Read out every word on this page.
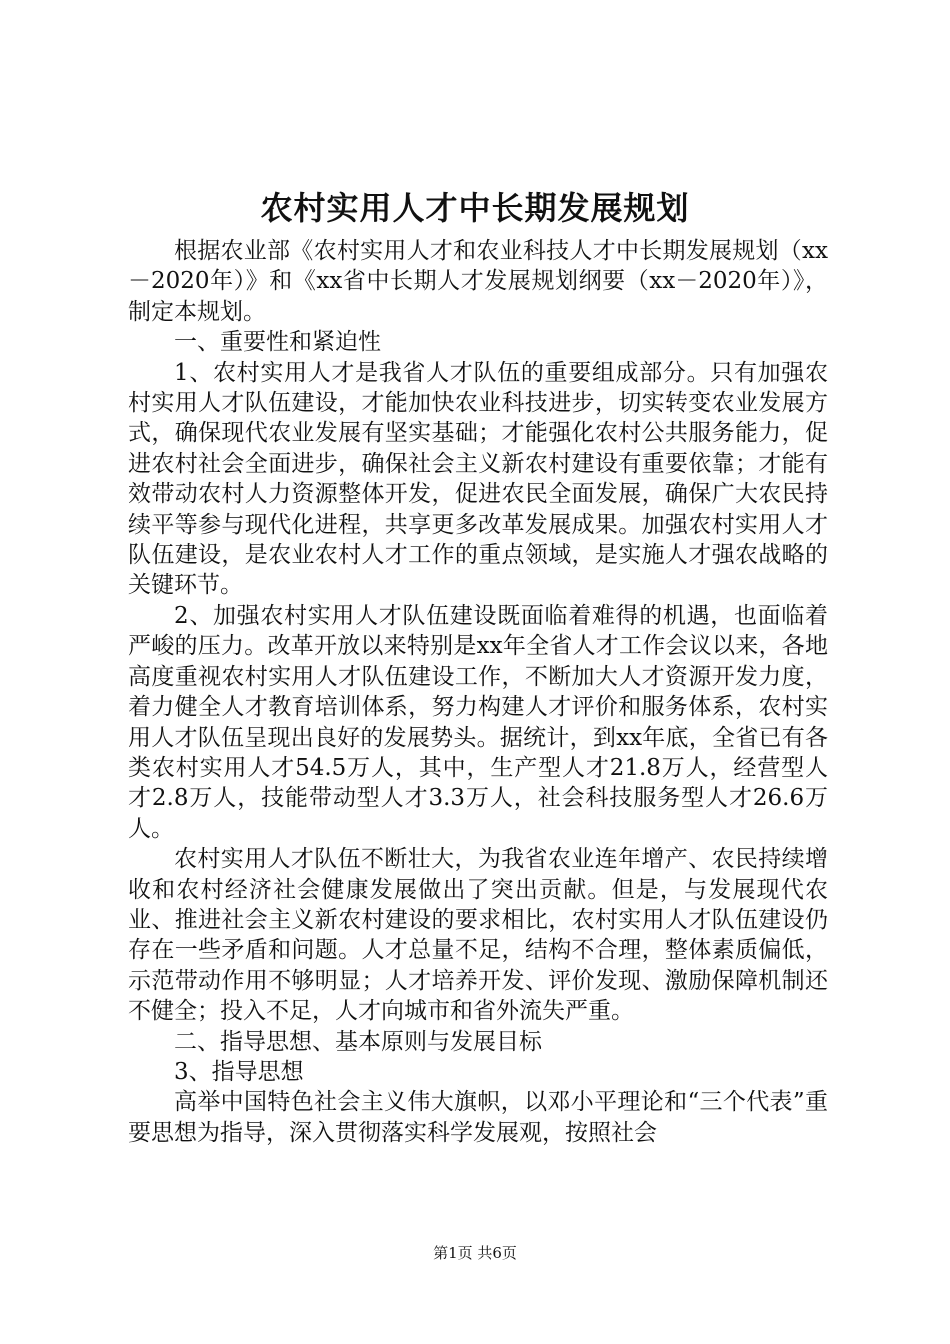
农村实用人才中长期发展规划

根据农业部《农村实用人才和农业科技人才中长期发展规划（xx－2020年）》和《xx省中长期人才发展规划纲要（xx－2020年）》，制定本规划。

一、重要性和紧迫性

1、农村实用人才是我省人才队伍的重要组成部分。只有加强农村实用人才队伍建设，才能加快农业科技进步，切实转变农业发展方式，确保现代农业发展有坚实基础；才能强化农村公共服务能力，促进农村社会全面进步，确保社会主义新农村建设有重要依靠；才能有效带动农村人力资源整体开发，促进农民全面发展，确保广大农民持续平等参与现代化进程，共享更多改革发展成果。加强农村实用人才队伍建设，是农业农村人才工作的重点领域，是实施人才强农战略的关键环节。

2、加强农村实用人才队伍建设既面临着难得的机遇，也面临着严峻的压力。改革开放以来特别是xx年全省人才工作会议以来，各地高度重视农村实用人才队伍建设工作，不断加大人才资源开发力度，着力健全人才教育培训体系，努力构建人才评价和服务体系，农村实用人才队伍呈现出良好的发展势头。据统计，到xx年底，全省已有各类农村实用人才54.5万人，其中，生产型人才21.8万人，经营型人才2.8万人，技能带动型人才3.3万人，社会科技服务型人才26.6万人。

农村实用人才队伍不断壮大，为我省农业连年增产、农民持续增收和农村经济社会健康发展做出了突出贡献。但是，与发展现代农业、推进社会主义新农村建设的要求相比，农村实用人才队伍建设仍存在一些矛盾和问题。人才总量不足，结构不合理，整体素质偏低，示范带动作用不够明显；人才培养开发、评价发现、激励保障机制还不健全；投入不足，人才向城市和省外流失严重。

二、指导思想、基本原则与发展目标

3、指导思想

高举中国特色社会主义伟大旗帜，以邓小平理论和“三个代表”重要思想为指导，深入贯彻落实科学发展观，按照社会

第1页 共6页
